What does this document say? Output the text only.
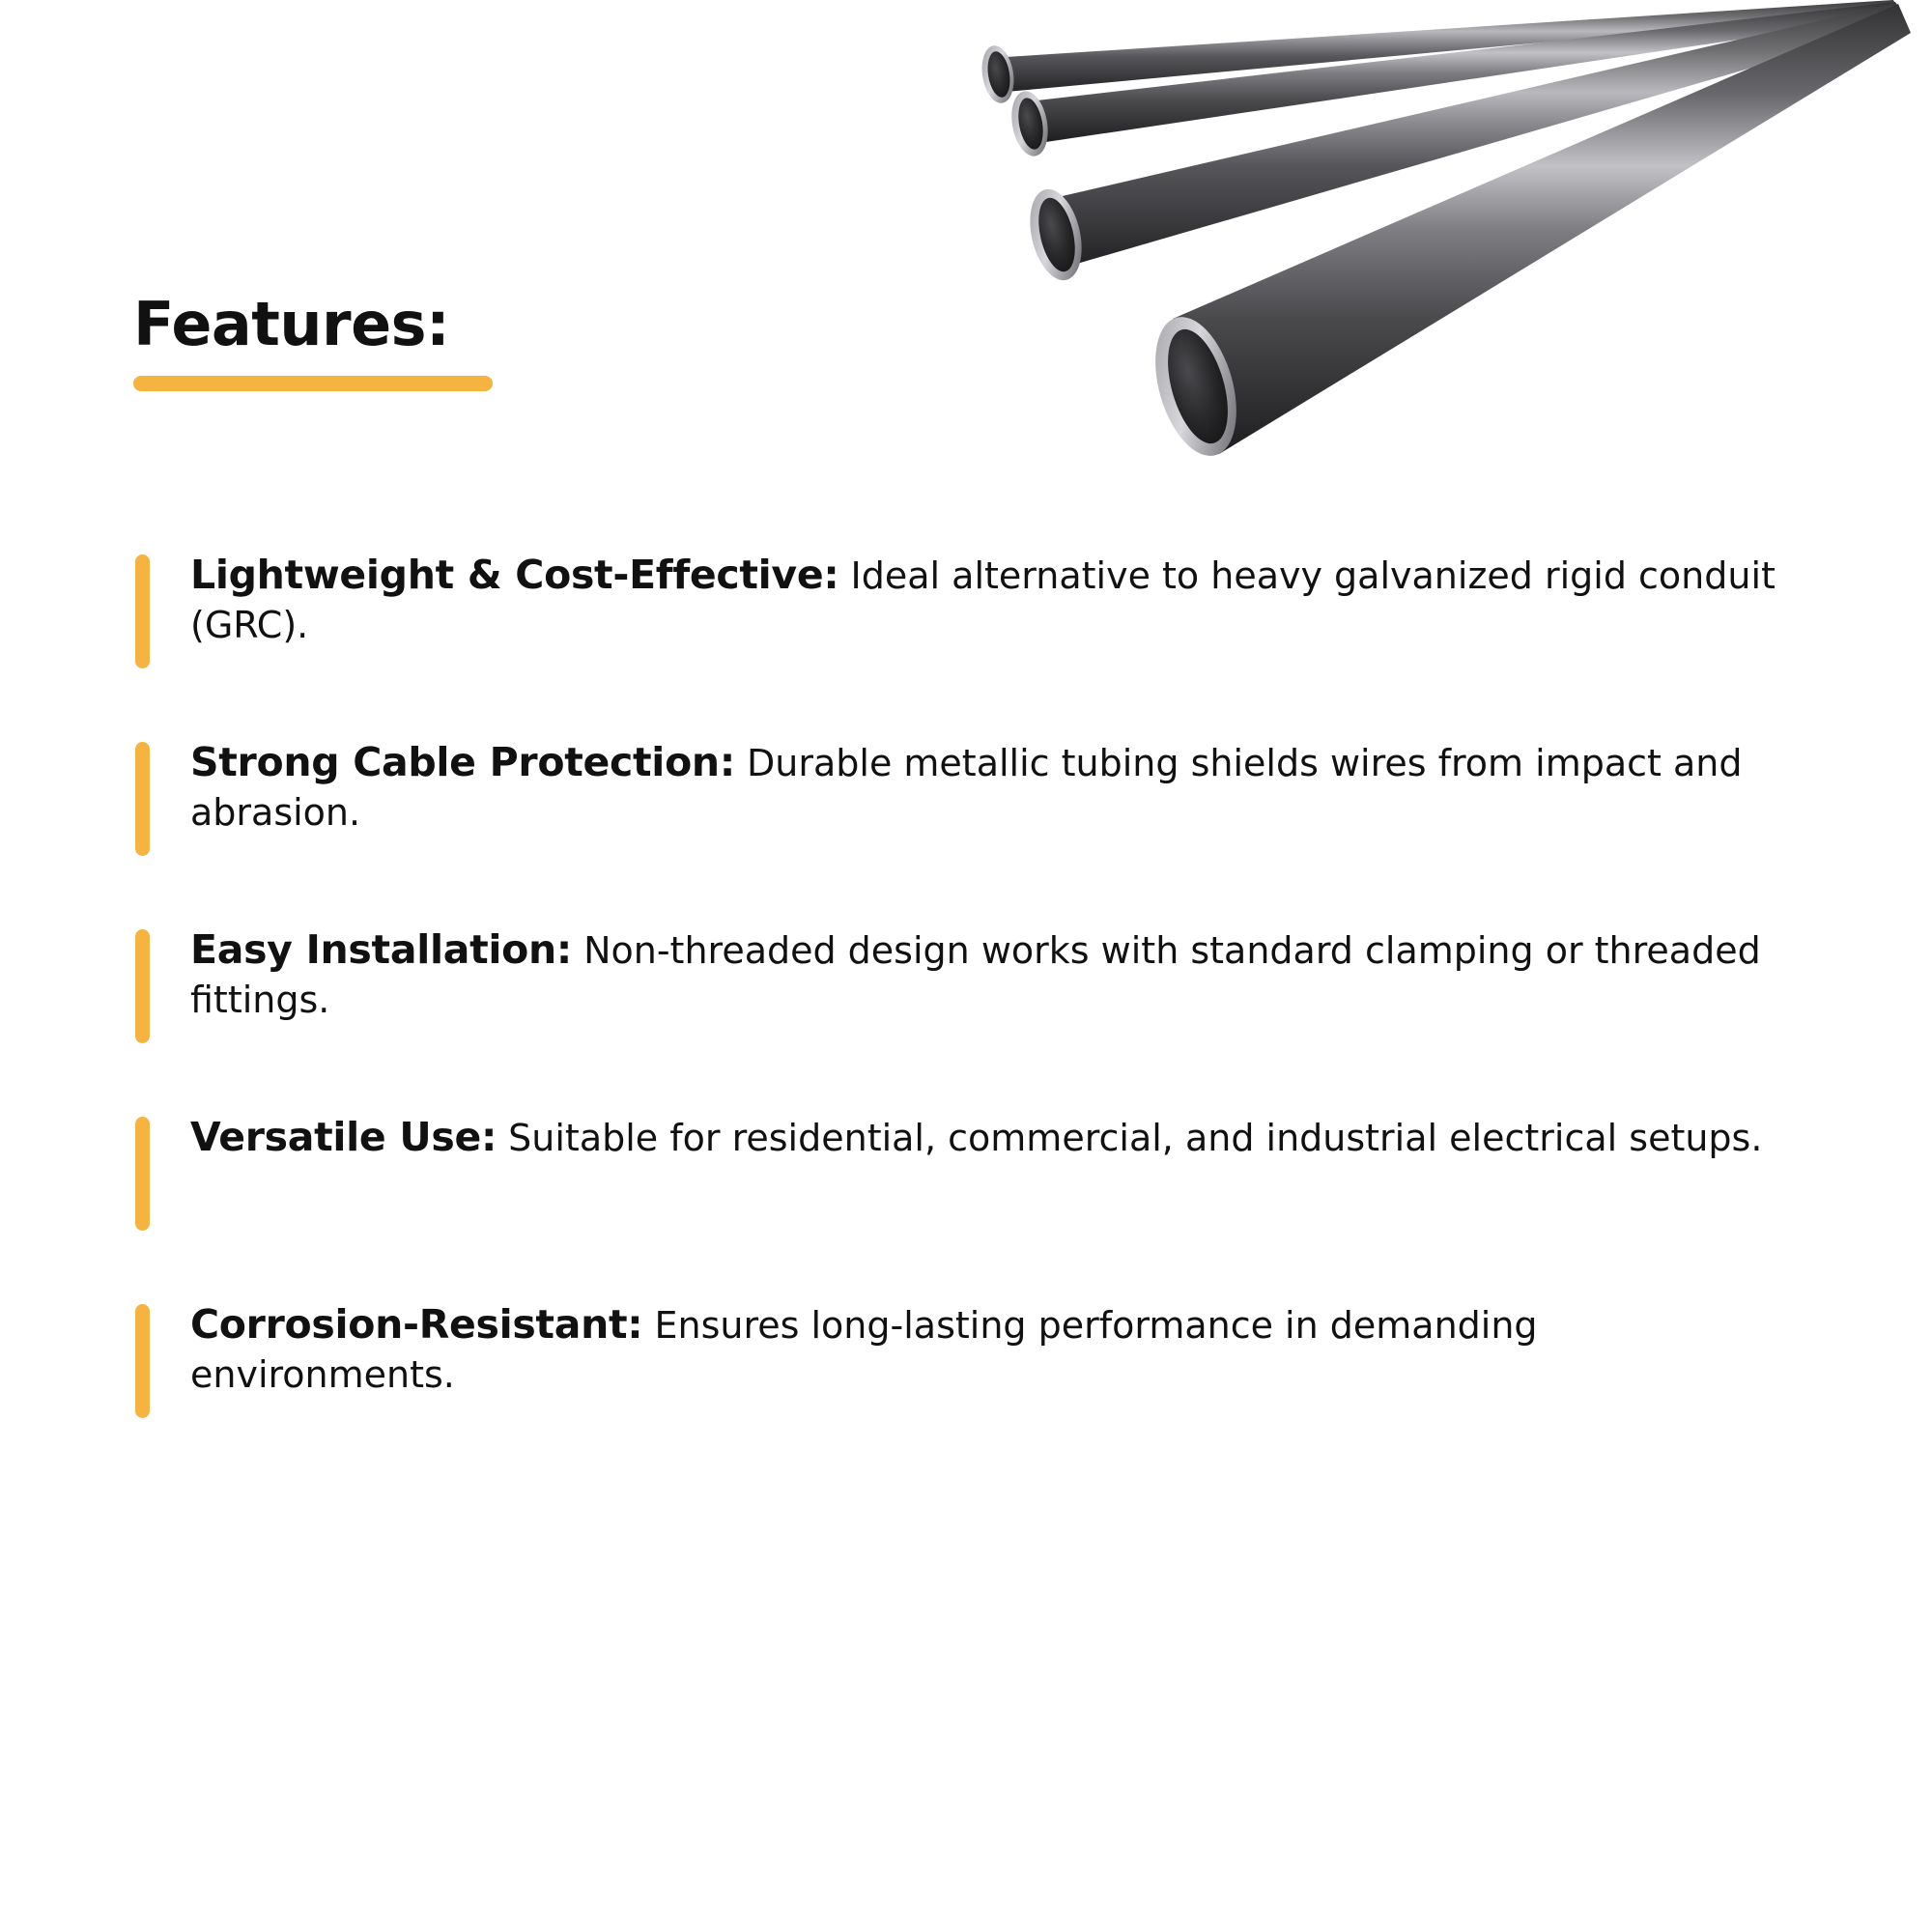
Features:
Lightweight & Cost-Effective: Ideal alternative to heavy galvanized rigid conduit (GRC).
Strong Cable Protection: Durable metallic tubing shields wires from impact and abrasion.
Easy Installation: Non-threaded design works with standard clamping or threaded fittings.
Versatile Use: Suitable for residential, commercial, and industrial electrical setups.
Corrosion-Resistant: Ensures long-lasting performance in demanding environments.
